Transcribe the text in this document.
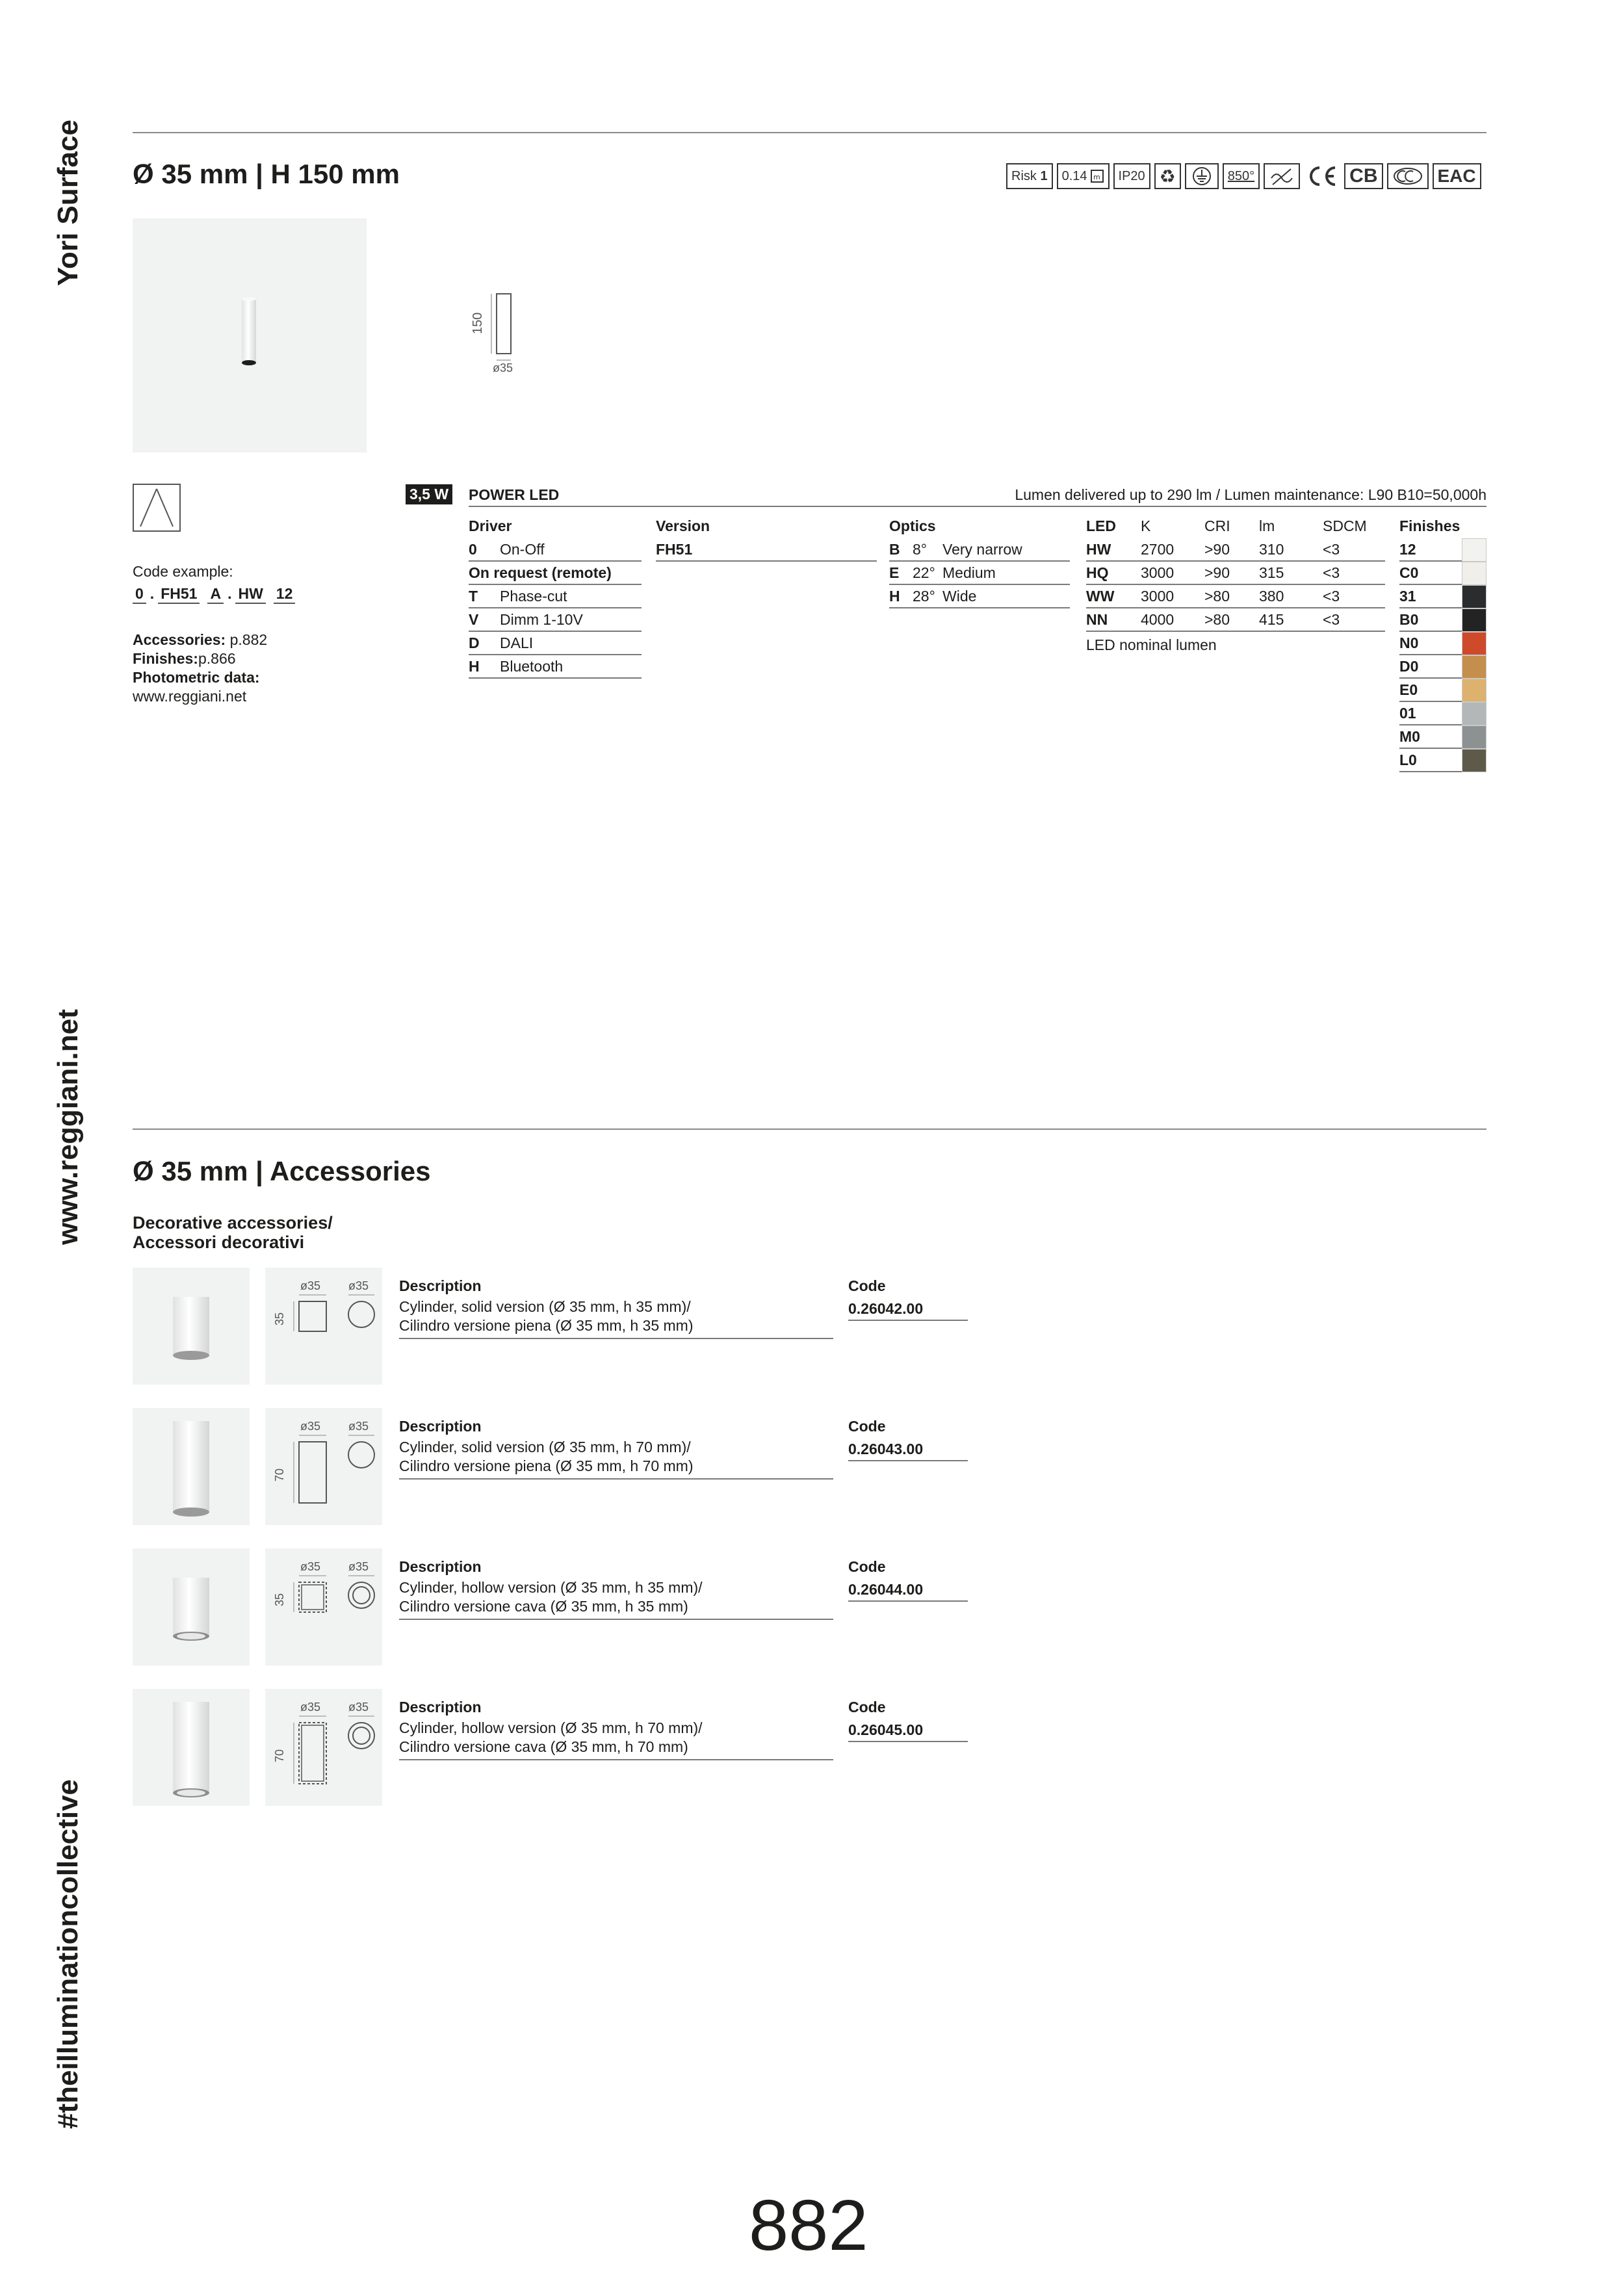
Yori Surface
www.reggiani.net
#theilluminationcollective
Ø 35 mm | H 150 mm	Risk
1 0.14 m	IP20 ♻	850°	CB	EAC
150
ø35
Code example:
0 . FH51 A . HW 12
Accessories: p.882
Finishes:p.866
Photometric data:
www.reggiani.net
3,5 W POWER LED	Lumen delivered up to 290 lm / Lumen maintenance: L90 B10=50,000h
Driver
0	On-Off
On request (remote)
T	Phase-cut
V	Dimm 1-10V
D	DALI
H	Bluetooth
Version
FH51
Optics
B 8°	Very narrow
E 22° Medium
H 28° Wide
LED	K	CRI	lm	SDCM
HW	2700	>90	310	<3
HQ	3000	>90	315	<3
WW	3000	>80	380	<3
NN	4000	>80	415	<3
LED nominal lumen
Finishes
12
C0
31
B0
N0
D0
E0
01
M0
L0
Ø 35 mm | Accessories
Decorative accessories/
Accessori decorativi
ø35 ø35
35
Description
Cylinder, solid version (Ø 35 mm, h 35 mm)/
Cilindro versione piena (Ø 35 mm, h 35 mm)
Code
0.26042.00
ø35 ø35
70
Description
Cylinder, solid version (Ø 35 mm, h 70 mm)/
Cilindro versione piena (Ø 35 mm, h 70 mm)
Code
0.26043.00
ø35 ø35
35
Description
Cylinder, hollow version (Ø 35 mm, h 35 mm)/
Cilindro versione cava (Ø 35 mm, h 35 mm)
Code
0.26044.00
ø35 ø35
70
Description
Cylinder, hollow version (Ø 35 mm, h 70 mm)/
Cilindro versione cava (Ø 35 mm, h 70 mm)
Code
0.26045.00
882
